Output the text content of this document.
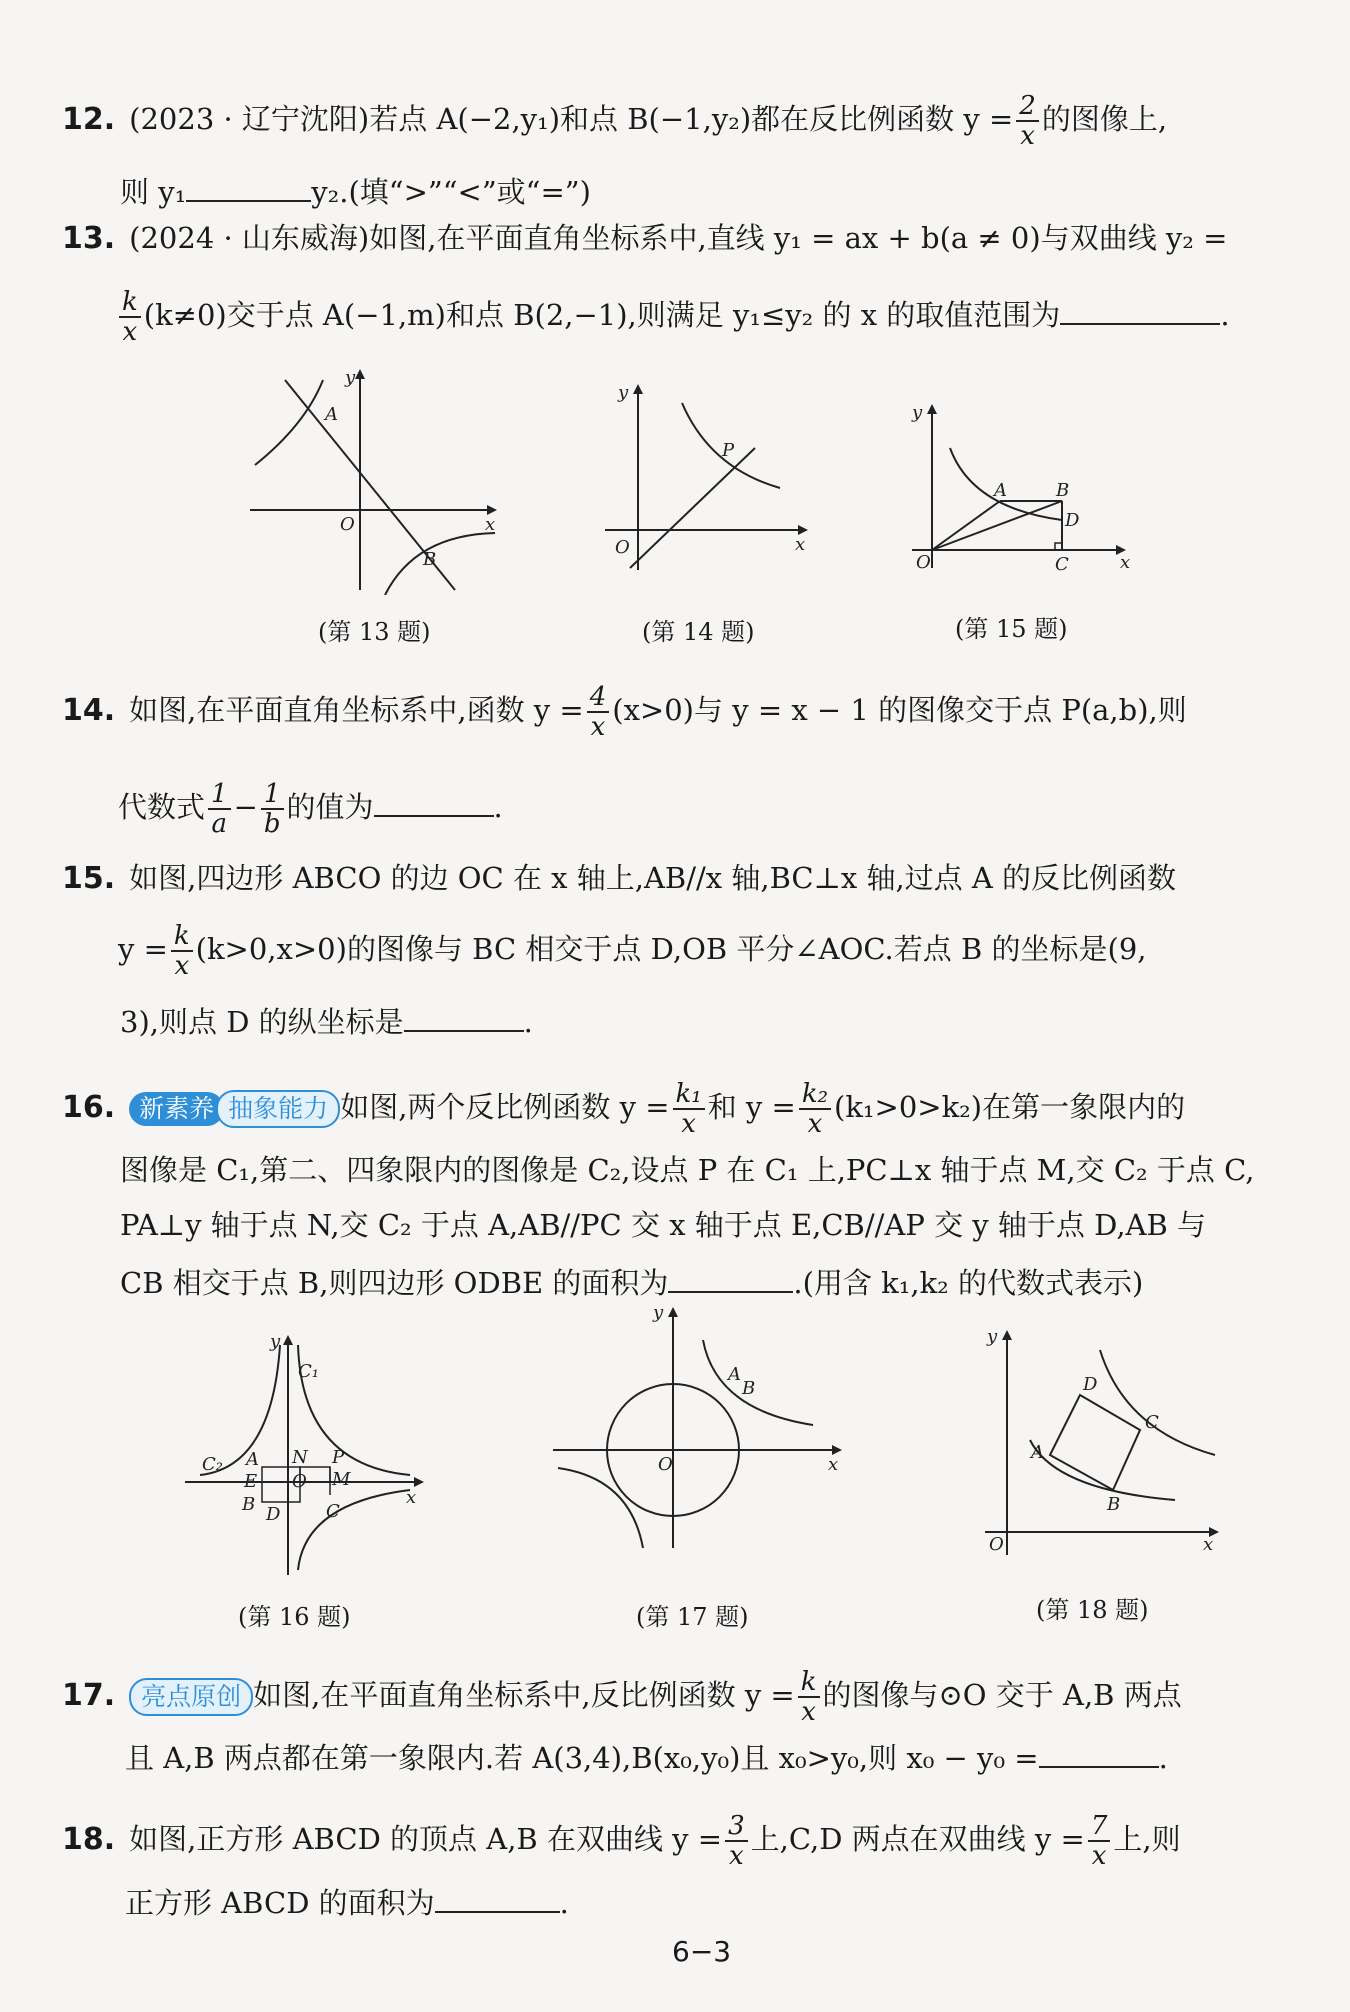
12. (2023 · 辽宁沈阳)若点 A(−2,y₁)和点 B(−1,y₂)都在反比例函数 $y = \frac{2}{x}$ 的图像上,
则 y₁	y₂.(填“>”“<”或“=”)
13. (2024 · 山东威海)如图,在平面直角坐标系中,直线 y₁ = ax + b(a ≠ 0)与双曲线 y₂ =
$\frac{k}{x} (k\ne 0)$交于点 A(−1,m)和点 B(2,−1),则满足 y₁≤y₂ 的 x 的取值范围为	.
y
A
O	x
B
(第 13 题)
y
P
O	x
(第 14 题)
y
A	B
D
O	C	x
(第 15 题)
14. 如图,在平面直角坐标系中,函数 $y = \frac{4}{x} (x>0)$与 y = x − 1 的图像交于点 P(a,b),则
代数式 $\frac{1}{a} - \frac{1}{b}$ 的值为	.
15. 如图,四边形 ABCO 的边 OC 在 x 轴上,AB//x 轴,BC⊥x 轴,过点 A 的反比例函数
$y = \frac{k}{x} (k>0,x>0)$的图像与 BC 相交于点 D,OB 平分∠AOC.若点 B 的坐标是(9,
3),则点 D 的纵坐标是	.
16. 新素养 抽象能力 如图,两个反比例函数 $y = \frac{\text{k₁}}{x}$ 和 $y = \frac{\text{k₂}}{x} (k_1>0>k_2)$在第一象限内的
图像是 C₁,第二、四象限内的图像是 C₂,设点 P 在 C₁ 上,PC⊥x 轴于点 M,交 C₂ 于点 C,
PA⊥y 轴于点 N,交 C₂ 于点 A,AB//PC 交 x 轴于点 E,CB//AP 交 y 轴于点 D,AB 与
CB 相交于点 B,则四边形 ODBE 的面积为	.(用含 k₁,k₂ 的代数式表示)
y
C₁
C₂ A N P
E O M
x
B D	C
(第 16 题)
y
A
B
O	x
(第 17 题)
y
D
C
A
B
O	x
(第 18 题)
17. 亮点原创 如图,在平面直角坐标系中,反比例函数 $y = \frac{k}{x}$ 的图像与⊙O 交于 A,B 两点
且 A,B 两点都在第一象限内.若 A(3,4),B(x₀,y₀)且 x₀>y₀,则 x₀ − y₀ =	.
18. 如图,正方形 ABCD 的顶点 A,B 在双曲线 $y = \frac{3}{x}$ 上,C,D 两点在双曲线 $y = \frac{7}{x}$ 上,则
正方形 ABCD 的面积为	.
6−3
